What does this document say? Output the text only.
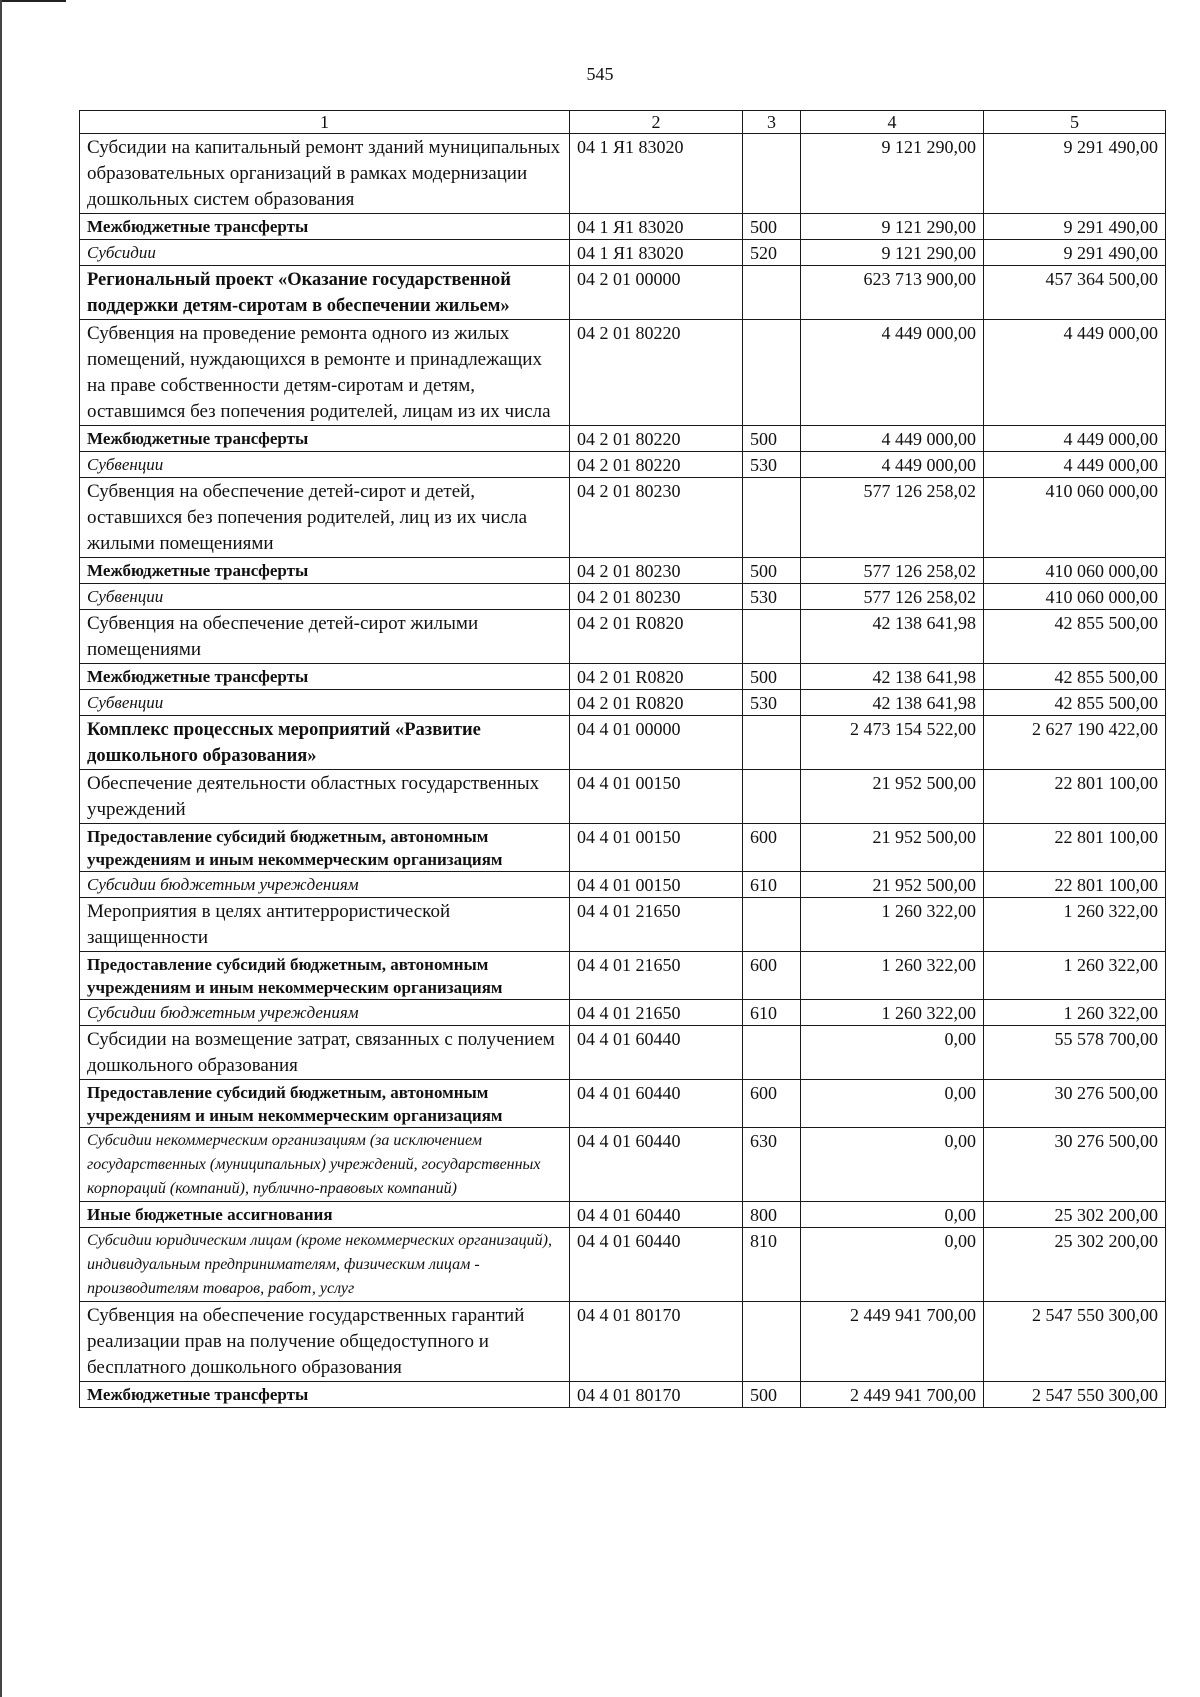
545
1	2	3	4	5
Субсидии на капитальный ремонт зданий муниципальных образовательных организаций в рамках модернизации дошкольных систем образования	04 1 Я1 83020		9 121 290,00	9 291 490,00
Межбюджетные трансферты	04 1 Я1 83020	500	9 121 290,00	9 291 490,00
Субсидии	04 1 Я1 83020	520	9 121 290,00	9 291 490,00
Региональный проект «Оказание государственной поддержки детям-сиротам в обеспечении жильем»	04 2 01 00000		623 713 900,00	457 364 500,00
Субвенция на проведение ремонта одного из жилых помещений, нуждающихся в ремонте и принадлежащих на праве собственности детям-сиротам и детям, оставшимся без попечения родителей, лицам из их числа	04 2 01 80220		4 449 000,00	4 449 000,00
Межбюджетные трансферты	04 2 01 80220	500	4 449 000,00	4 449 000,00
Субвенции	04 2 01 80220	530	4 449 000,00	4 449 000,00
Субвенция на обеспечение детей-сирот и детей, оставшихся без попечения родителей, лиц из их числа жилыми помещениями	04 2 01 80230		577 126 258,02	410 060 000,00
Межбюджетные трансферты	04 2 01 80230	500	577 126 258,02	410 060 000,00
Субвенции	04 2 01 80230	530	577 126 258,02	410 060 000,00
Субвенция на обеспечение детей-сирот жилыми помещениями	04 2 01 R0820		42 138 641,98	42 855 500,00
Межбюджетные трансферты	04 2 01 R0820	500	42 138 641,98	42 855 500,00
Субвенции	04 2 01 R0820	530	42 138 641,98	42 855 500,00
Комплекс процессных мероприятий «Развитие дошкольного образования»	04 4 01 00000		2 473 154 522,00	2 627 190 422,00
Обеспечение деятельности областных государственных учреждений	04 4 01 00150		21 952 500,00	22 801 100,00
Предоставление субсидий бюджетным, автономным учреждениям и иным некоммерческим организациям	04 4 01 00150	600	21 952 500,00	22 801 100,00
Субсидии бюджетным учреждениям	04 4 01 00150	610	21 952 500,00	22 801 100,00
Мероприятия в целях антитеррористической защищенности	04 4 01 21650		1 260 322,00	1 260 322,00
Предоставление субсидий бюджетным, автономным учреждениям и иным некоммерческим организациям	04 4 01 21650	600	1 260 322,00	1 260 322,00
Субсидии бюджетным учреждениям	04 4 01 21650	610	1 260 322,00	1 260 322,00
Субсидии на возмещение затрат, связанных с получением дошкольного образования	04 4 01 60440		0,00	55 578 700,00
Предоставление субсидий бюджетным, автономным учреждениям и иным некоммерческим организациям	04 4 01 60440	600	0,00	30 276 500,00
Субсидии некоммерческим организациям (за исключением государственных (муниципальных) учреждений, государственных корпораций (компаний), публично-правовых компаний)	04 4 01 60440	630	0,00	30 276 500,00
Иные бюджетные ассигнования	04 4 01 60440	800	0,00	25 302 200,00
Субсидии юридическим лицам (кроме некоммерческих организаций), индивидуальным предпринимателям, физическим лицам - производителям товаров, работ, услуг	04 4 01 60440	810	0,00	25 302 200,00
Субвенция на обеспечение государственных гарантий реализации прав на получение общедоступного и бесплатного дошкольного образования	04 4 01 80170		2 449 941 700,00	2 547 550 300,00
Межбюджетные трансферты	04 4 01 80170	500	2 449 941 700,00	2 547 550 300,00
